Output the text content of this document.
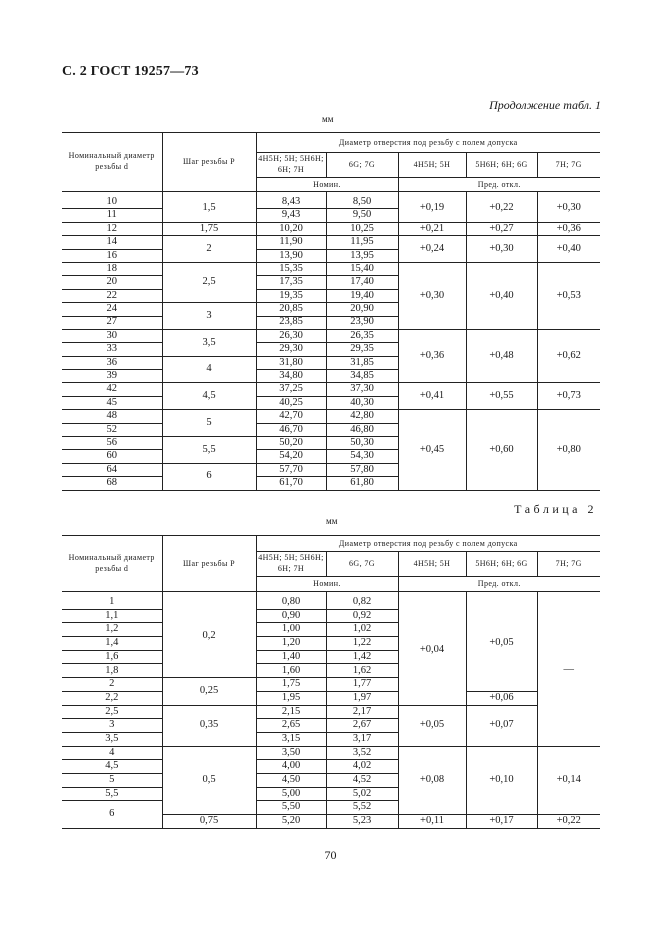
С. 2 ГОСТ 19257—73
Продолжение табл. 1
мм
Номинальный диаметр резьбы d	Шаг резьбы P	Диаметр отверстия под резьбу с полем допуска				
		4H5H; 5H; 5H6H; 6H; 7H	6G; 7G	4H5H; 5H	5H6H; 6H; 6G	7H; 7G
		Номин.		Пред. откл.		

10	1,5	8,43	8,50	+0,19	+0,22	+0,30
11		9,43	9,50			
12	1,75	10,20	10,25	+0,21	+0,27	+0,36
14	2	11,90	11,95	+0,24	+0,30	+0,40
16		13,90	13,95			
18	2,5	15,35	15,40	+0,30	+0,40	+0,53
20		17,35	17,40			
22		19,35	19,40			
24	3	20,85	20,90			
27		23,85	23,90			
30	3,5	26,30	26,35	+0,36	+0,48	+0,62
33		29,30	29,35			
36	4	31,80	31,85			
39		34,80	34,85			
42	4,5	37,25	37,30	+0,41	+0,55	+0,73
45		40,25	40,30			
48	5	42,70	42,80	+0,45	+0,60	+0,80
52		46,70	46,80			
56	5,5	50,20	50,30			
60		54,20	54,30			
64	6	57,70	57,80			
68		61,70	61,80			
Таблица 2
мм
Номинальный диаметр резьбы d	Шаг резьбы P	Диаметр отверстия под резьбу с полем допуска				
		4H5H; 5H; 5H6H; 6H; 7H	6G, 7G	4H5H; 5H	5H6H; 6H; 6G	7H; 7G
		Номин.		Пред. откл.		

1	0,2	0,80	0,82	+0,04	+0,05	—
1,1		0,90	0,92			
1,2		1,00	1,02			
1,4		1,20	1,22			
1,6		1,40	1,42			
1,8		1,60	1,62			
2	0,25	1,75	1,77			
2,2		1,95	1,97		+0,06	
2,5	0,35	2,15	2,17	+0,05	+0,07	
3		2,65	2,67			
3,5		3,15	3,17			
4	0,5	3,50	3,52	+0,08	+0,10	+0,14
4,5		4,00	4,02			
5		4,50	4,52			
5,5		5,00	5,02			
6		5,50	5,52			
	0,75	5,20	5,23	+0,11	+0,17	+0,22
70
